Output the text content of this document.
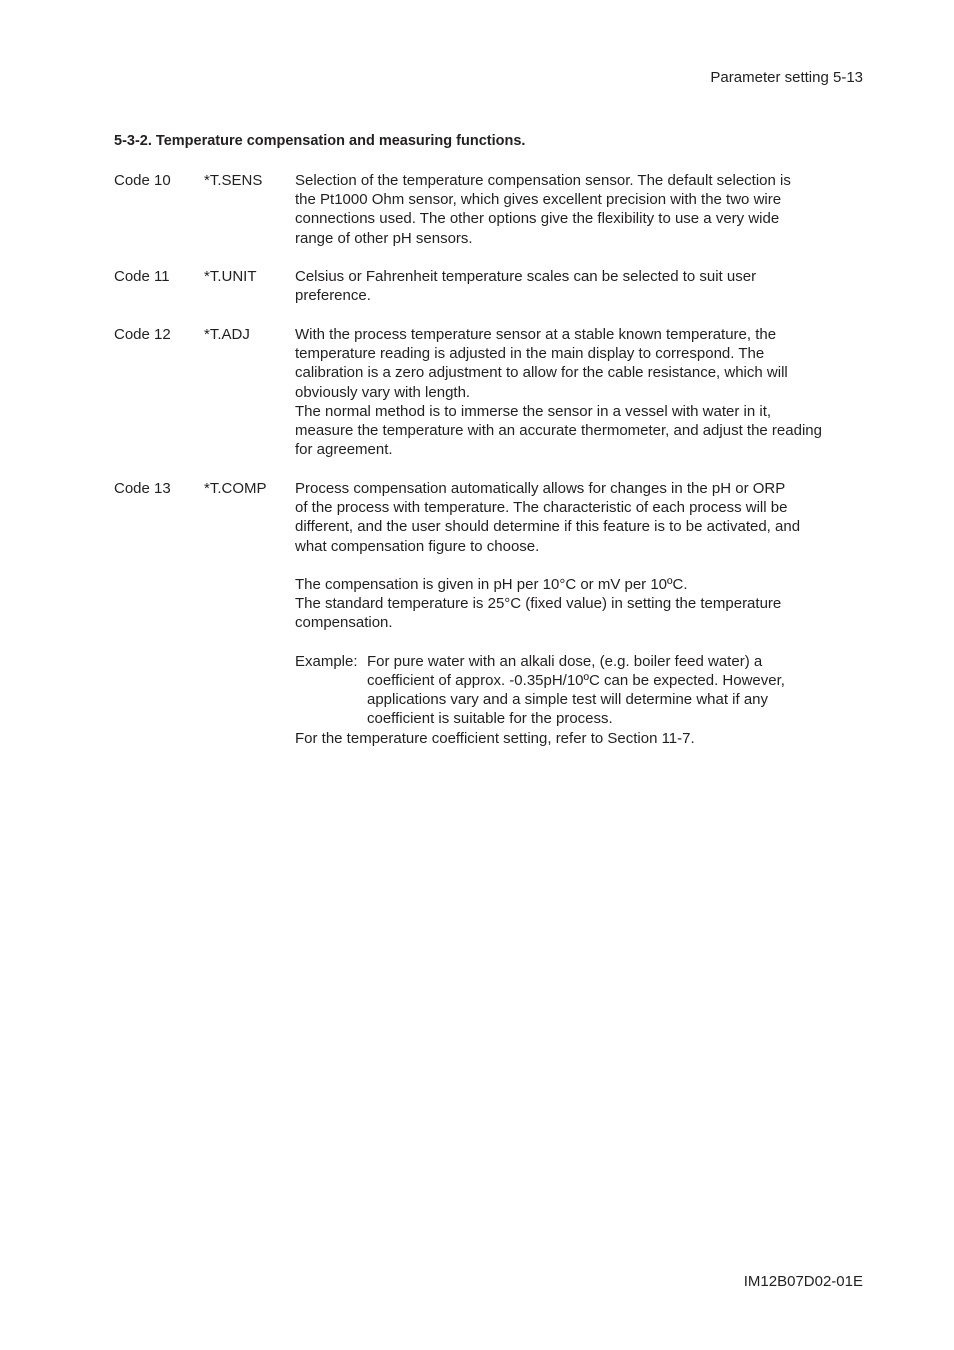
Parameter setting 5-13
5-3-2. Temperature compensation and measuring functions.
Code 10 *T.SENS Selection of the temperature compensation sensor. The default selection is

the Pt1000 Ohm sensor, which gives excellent precision with the two wire

connections used. The other options give the flexibility to use a very wide

range of other pH sensors.

Code 11 *T.UNIT	Celsius or Fahrenheit temperature scales can be selected to suit user

preference.

Code 12 *T.ADJ	With the process temperature sensor at a stable known temperature, the

temperature reading is adjusted in the main display to correspond. The

calibration is a zero adjustment to allow for the cable resistance, which will

obviously vary with length.

The normal method is to immerse the sensor in a vessel with water in it,

measure the temperature with an accurate thermometer, and adjust the reading

for agreement.

Code 13 *T.COMP Process compensation automatically allows for changes in the pH or ORP

of the process with temperature. The characteristic of each process will be

different, and the user should determine if this feature is to be activated, and

what compensation figure to choose.

The compensation is given in pH per 10°C or mV per 10ºC.

The standard temperature is 25°C (fixed value) in setting the temperature

compensation.

Example: For pure water with an alkali dose, (e.g. boiler feed water) a

coefficient of approx. -0.35pH/10ºC can be expected. However,

applications vary and a simple test will determine what if any

coefficient is suitable for the process.

For the temperature coefficient setting, refer to Section 11-7.

IM12B07D02-01E
